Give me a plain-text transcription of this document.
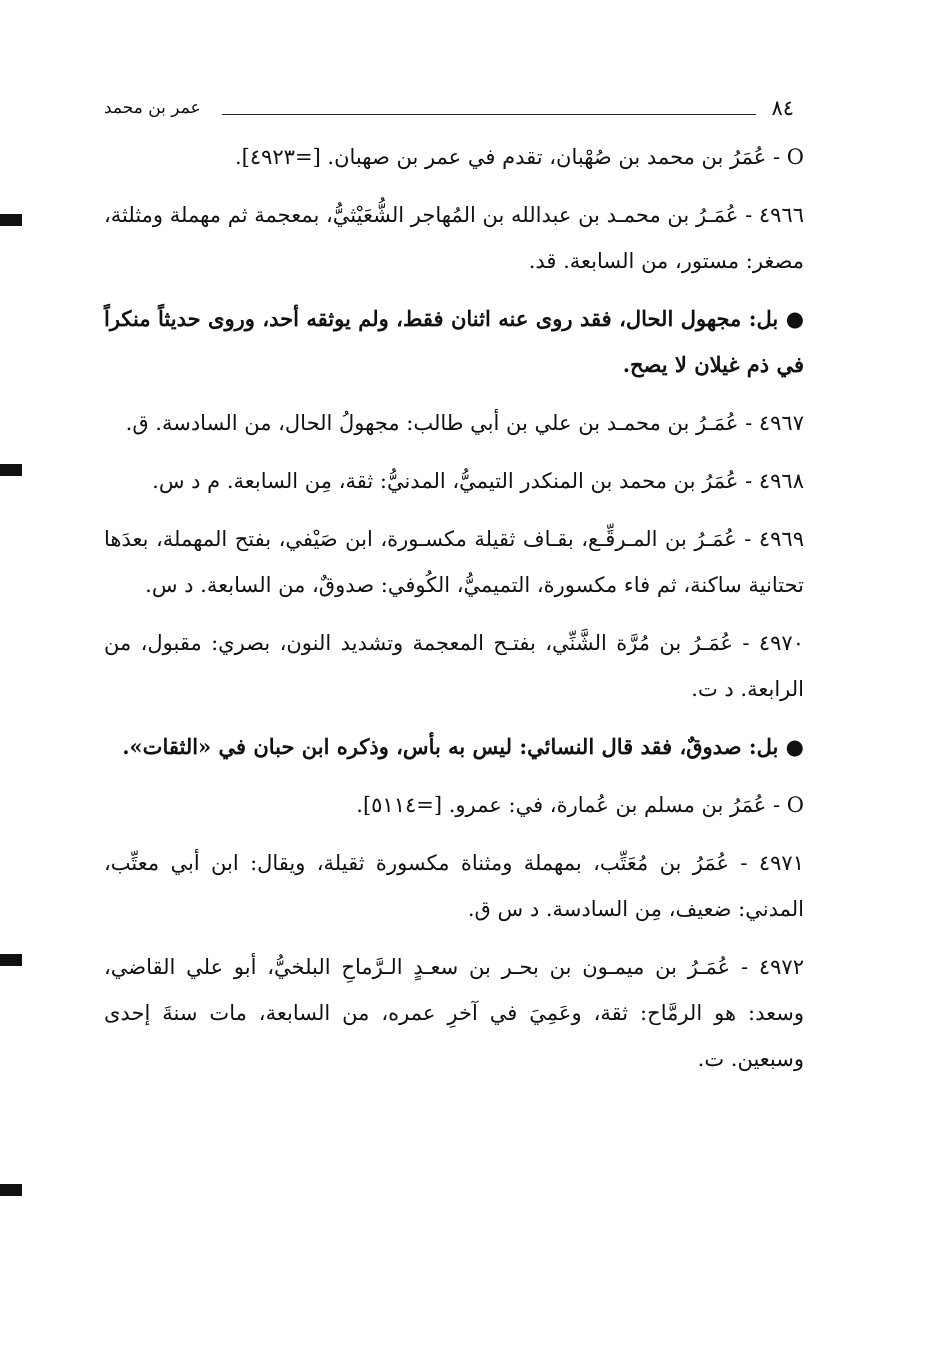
٨٤
عمر بن محمد

O - عُمَرُ بن محمد بن صُهْبان، تقدم في عمر بن صهبان. [=٤٩٢٣].

٤٩٦٦ - عُمَـرُ بن محمـد بن عبدالله بن المُهاجر الشُّعَيْثيُّ، بمعجمة ثم مهملة ومثلثة، مصغر: مستور، من السابعة. قد.

● بل: مجهول الحال، فقد روى عنه اثنان فقط، ولم يوثقه أحد، وروى حديثاً منكراً في ذم غيلان لا يصح.

٤٩٦٧ - عُمَـرُ بن محمـد بن علي بن أبي طالب: مجهولُ الحال، من السادسة. ق.

٤٩٦٨ - عُمَرُ بن محمد بن المنكدر التيميُّ، المدنيُّ: ثقة، مِن السابعة. م د س.

٤٩٦٩ - عُمَـرُ بن المـرقِّـع، بقـاف ثقيلة مكسـورة، ابن صَيْفي، بفتح المهملة، بعدَها تحتانية ساكنة، ثم فاء مكسورة، التميميُّ، الكُوفي: صدوقٌ، من السابعة. د س.

٤٩٧٠ - عُمَـرُ بن مُرَّة الشَّنِّي، بفتـح المعجمة وتشديد النون، بصري: مقبول، من الرابعة. د ت.

● بل: صدوقٌ، فقد قال النسائي: ليس به بأس، وذكره ابن حبان في «الثقات».

O - عُمَرُ بن مسلم بن عُمارة، في: عمرو. [=٥١١٤].

٤٩٧١ - عُمَرُ بن مُعَتِّب، بمهملة ومثناة مكسورة ثقيلة، ويقال: ابن أبي معتِّب، المدني: ضعيف، مِن السادسة. د س ق.

٤٩٧٢ - عُمَـرُ بن ميمـون بن بحـر بن سعـدٍ الـرَّماحِ البلخيُّ، أبو علي القاضي، وسعد: هو الرمَّاح: ثقة، وعَمِيَ في آخرِ عمره، من السابعة، مات سنةَ إحدى وسبعين. ت.
